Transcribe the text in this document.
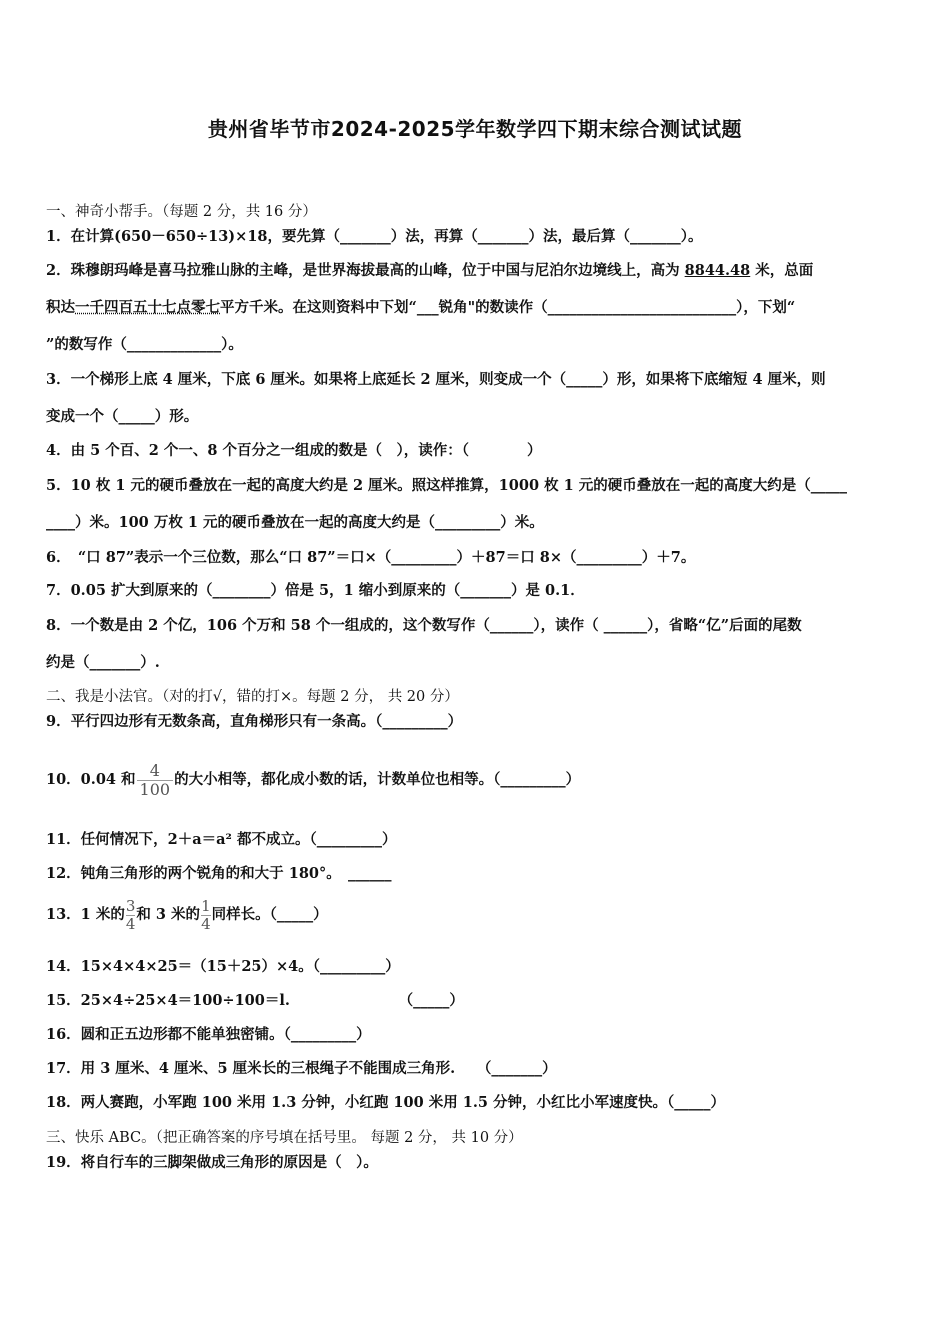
贵州省毕节市2024-2025学年数学四下期末综合测试试题
一、神奇小帮手。（每题 2 分，共 16 分）
1．在计算(650－650÷13)×18，要先算（_______）法，再算（_______）法，最后算（_______）。
2．珠穆朗玛峰是喜马拉雅山脉的主峰，是世界海拔最高的山峰，位于中国与尼泊尔边境线上，高为 8844.48 米，总面
积达一千四百五十七点零七平方千米。在这则资料中下划“___锐角"的数读作（__________________________），下划“
”的数写作（_____________）。
3．一个梯形上底 4 厘米，下底 6 厘米。如果将上底延长 2 厘米，则变成一个（_____）形，如果将下底缩短 4 厘米，则
变成一个（_____）形。
4．由 5 个百、2 个一、8 个百分之一组成的数是（　），读作：（　　　　）
5．10 枚 1 元的硬币叠放在一起的高度大约是 2 厘米。照这样推算，1000 枚 1 元的硬币叠放在一起的高度大约是（_____
____）米。100 万枚 1 元的硬币叠放在一起的高度大约是（_________）米。
6．　“口 87”表示一个三位数，那么“口 87”＝口×（_________）＋87＝口 8×（_________）＋7。
7．0.05 扩大到原来的（________）倍是 5，1 缩小到原来的（_______）是 0.1．
8．一个数是由 2 个亿，106 个万和 58 个一组成的，这个数写作（______），读作（ ______），省略“亿”后面的尾数
约是（_______）.
二、我是小法官。（对的打√，错的打×。每题 2 分， 共 20 分）
9．平行四边形有无数条高，直角梯形只有一条高。（_________）
10．0.04 和 $\frac{4}{100}$ 的大小相等，都化成小数的话，计数单位也相等。（_________）
11．任何情况下，2＋a＝a² 都不成立。（_________）
12．钝角三角形的两个锐角的和大于 180°。　______
13．1 米的 $\frac{3}{4}$ 和 3 米的 $\frac{1}{4}$ 同样长。（_____）
14．15×4×4×25＝（15＋25）×4。（_________）
15．25×4÷25×4＝100÷100＝l.　　　　　　　　（_____）
16．圆和正五边形都不能单独密铺。（_________）
17．用 3 厘米、4 厘米、5 厘米长的三根绳子不能围成三角形.　　（_______）
18．两人赛跑，小军跑 100 米用 1.3 分钟，小红跑 100 米用 1.5 分钟，小红比小军速度快。（_____）
三、快乐 ABC。（把正确答案的序号填在括号里。 每题 2 分， 共 10 分）
19．将自行车的三脚架做成三角形的原因是（　）。
